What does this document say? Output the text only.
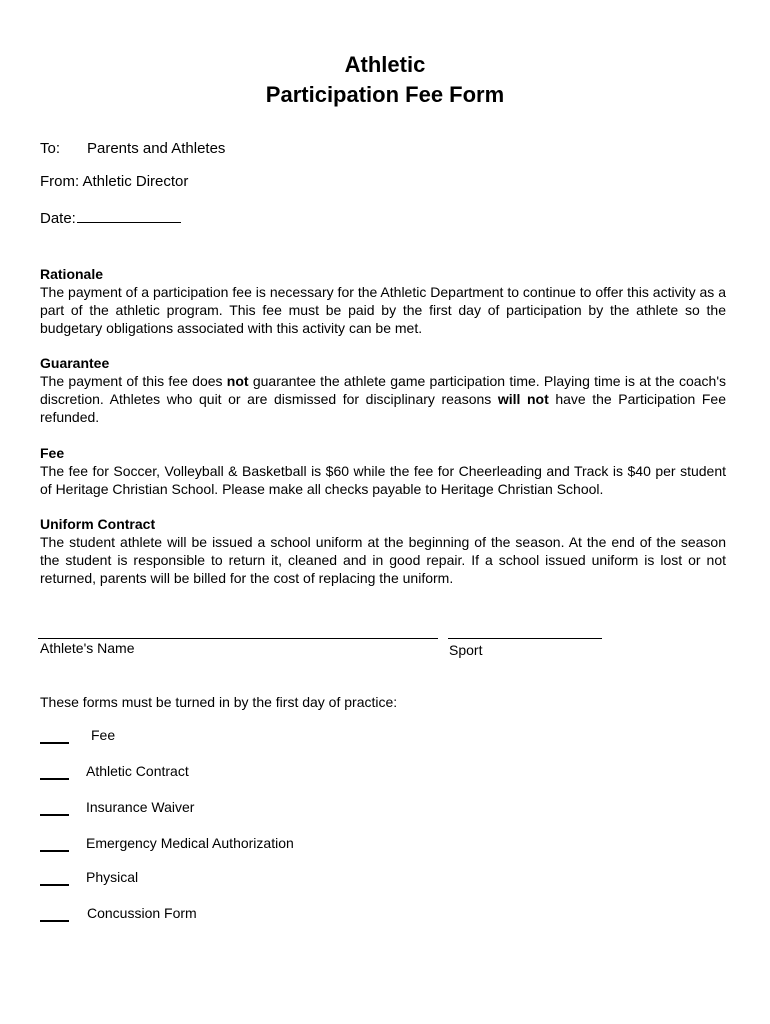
Athletic
Participation Fee Form
To: Parents and Athletes
From: Athletic Director
Date:
Rationale
The payment of a participation fee is necessary for the Athletic Department to continue to offer this activity as a part of the athletic program. This fee must be paid by the first day of participation by the athlete so the budgetary obligations associated with this activity can be met.
Guarantee
The payment of this fee does not guarantee the athlete game participation time. Playing time is at the coach's discretion. Athletes who quit or are dismissed for disciplinary reasons will not have the Participation Fee refunded.
Fee
The fee for Soccer, Volleyball & Basketball is $60 while the fee for Cheerleading and Track is $40 per student of Heritage Christian School. Please make all checks payable to Heritage Christian School.
Uniform Contract
The student athlete will be issued a school uniform at the beginning of the season. At the end of the season the student is responsible to return it, cleaned and in good repair. If a school issued uniform is lost or not returned, parents will be billed for the cost of replacing the uniform.
Athlete's Name	Sport
These forms must be turned in by the first day of practice:
Fee
Athletic Contract
Insurance Waiver
Emergency Medical Authorization
Physical
Concussion Form
